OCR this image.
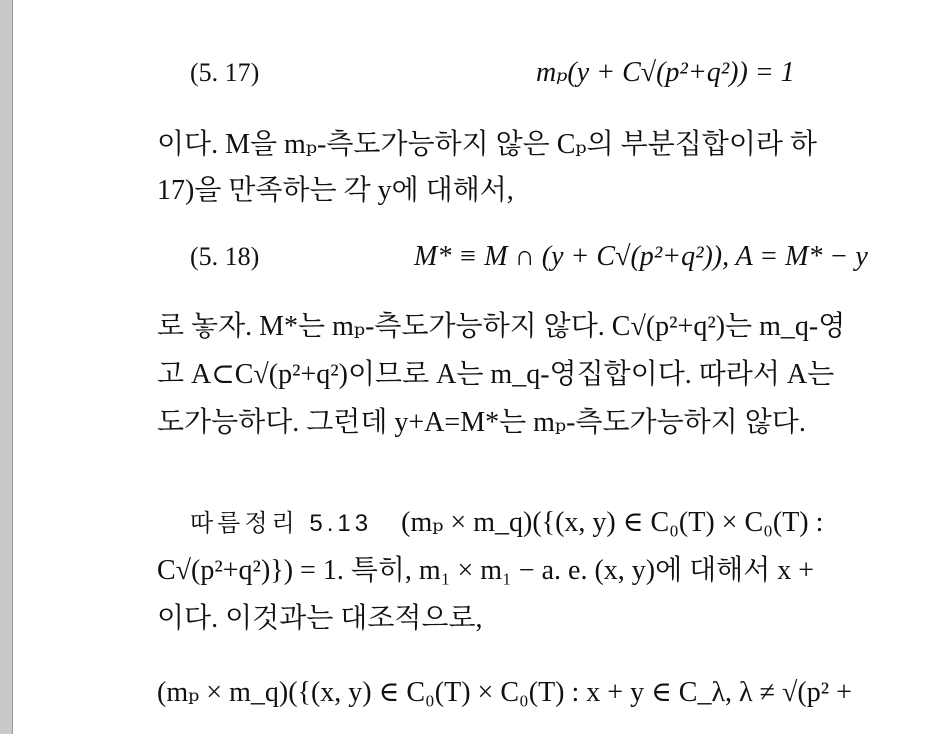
(5. 17)	mₚ(y + C√(p²+q²)) = 1
이다. M을 mₚ-측도가능하지 않은 Cₚ의 부분집합이라 하
17)을 만족하는 각 y에 대해서,
(5. 18)	M* ≡ M ∩ (y + C√(p²+q²)), A = M* − y
로 놓자. M*는 mₚ-측도가능하지 않다. C√(p²+q²)는 m_q-영
고 A⊂C√(p²+q²)이므로 A는 m_q-영집합이다. 따라서 A는
도가능하다. 그런데 y+A=M*는 mₚ-측도가능하지 않다.
따름정리 5.13 (mₚ × m_q)({(x, y) ∈ C₀(T) × C₀(T) :
C√(p²+q²)}) = 1. 특히, m₁ × m₁ − a. e. (x, y)에 대해서 x +
이다. 이것과는 대조적으로,
(mₚ × m_q)({(x, y) ∈ C₀(T) × C₀(T) : x + y ∈ C_λ, λ ≠ √(p² +
